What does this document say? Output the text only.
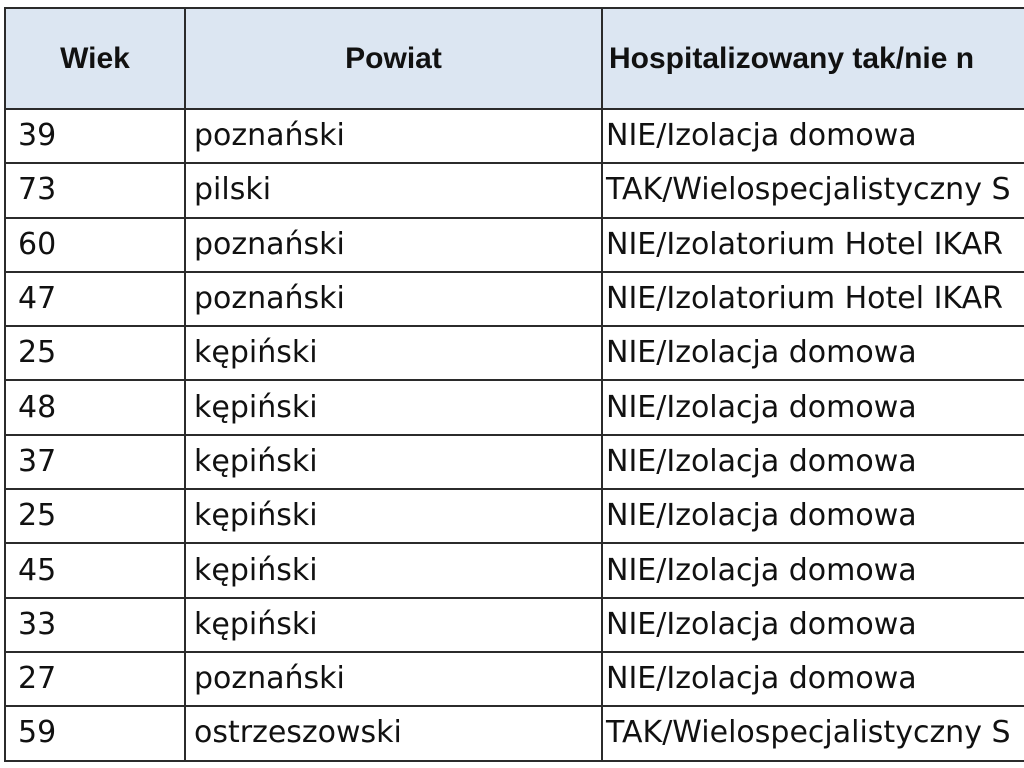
Wiek	Powiat	Hospitalizowany tak/nie n
39	poznański	NIE/Izolacja domowa
73	pilski	TAK/Wielospecjalistyczny S
60	poznański	NIE/Izolatorium Hotel IKAR
47	poznański	NIE/Izolatorium Hotel IKAR
25	kępiński	NIE/Izolacja domowa
48	kępiński	NIE/Izolacja domowa
37	kępiński	NIE/Izolacja domowa
25	kępiński	NIE/Izolacja domowa
45	kępiński	NIE/Izolacja domowa
33	kępiński	NIE/Izolacja domowa
27	poznański	NIE/Izolacja domowa
59	ostrzeszowski	TAK/Wielospecjalistyczny S
